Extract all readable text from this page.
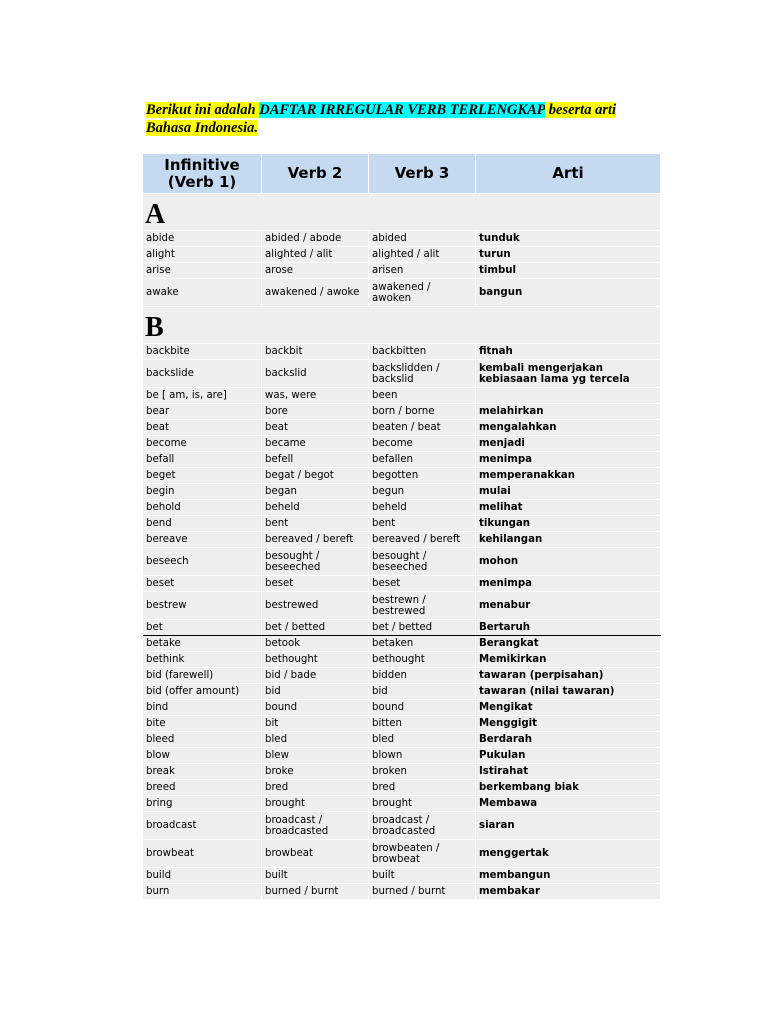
Berikut ini adalah DAFTAR IRREGULAR VERB TERLENGKAP beserta arti
Bahasa Indonesia.
Infinitive (Verb 1)	Verb 2	Verb 3	Arti
A			
abide	abided / abode	abided	tunduk
alight	alighted / alit	alighted / alit	turun
arise	arose	arisen	timbul
awake	awakened / awoke	awakened / awoken	bangun
B			
backbite	backbit	backbitten	fitnah
backslide	backslid	backslidden / backslid	kembali mengerjakan kebiasaan lama yg tercela
be [ am, is, are]	was, were	been	
bear	bore	born / borne	melahirkan
beat	beat	beaten / beat	mengalahkan
become	became	become	menjadi
befall	befell	befallen	menimpa
beget	begat / begot	begotten	memperanakkan
begin	began	begun	mulai
behold	beheld	beheld	melihat
bend	bent	bent	tikungan
bereave	bereaved / bereft	bereaved / bereft	kehilangan
beseech	besought / beseeched	besought / beseeched	mohon
beset	beset	beset	menimpa
bestrew	bestrewed	bestrewn / bestrewed	menabur
bet	bet / betted	bet / betted	Bertaruh
betake	betook	betaken	Berangkat
bethink	bethought	bethought	Memikirkan
bid (farewell)	bid / bade	bidden	tawaran (perpisahan)
bid (offer amount)	bid	bid	tawaran (nilai tawaran)
bind	bound	bound	Mengikat
bite	bit	bitten	Menggigit
bleed	bled	bled	Berdarah
blow	blew	blown	Pukulan
break	broke	broken	Istirahat
breed	bred	bred	berkembang biak
bring	brought	brought	Membawa
broadcast	broadcast / broadcasted	broadcast / broadcasted	siaran
browbeat	browbeat	browbeaten / browbeat	menggertak
build	built	built	membangun
burn	burned / burnt	burned / burnt	membakar
